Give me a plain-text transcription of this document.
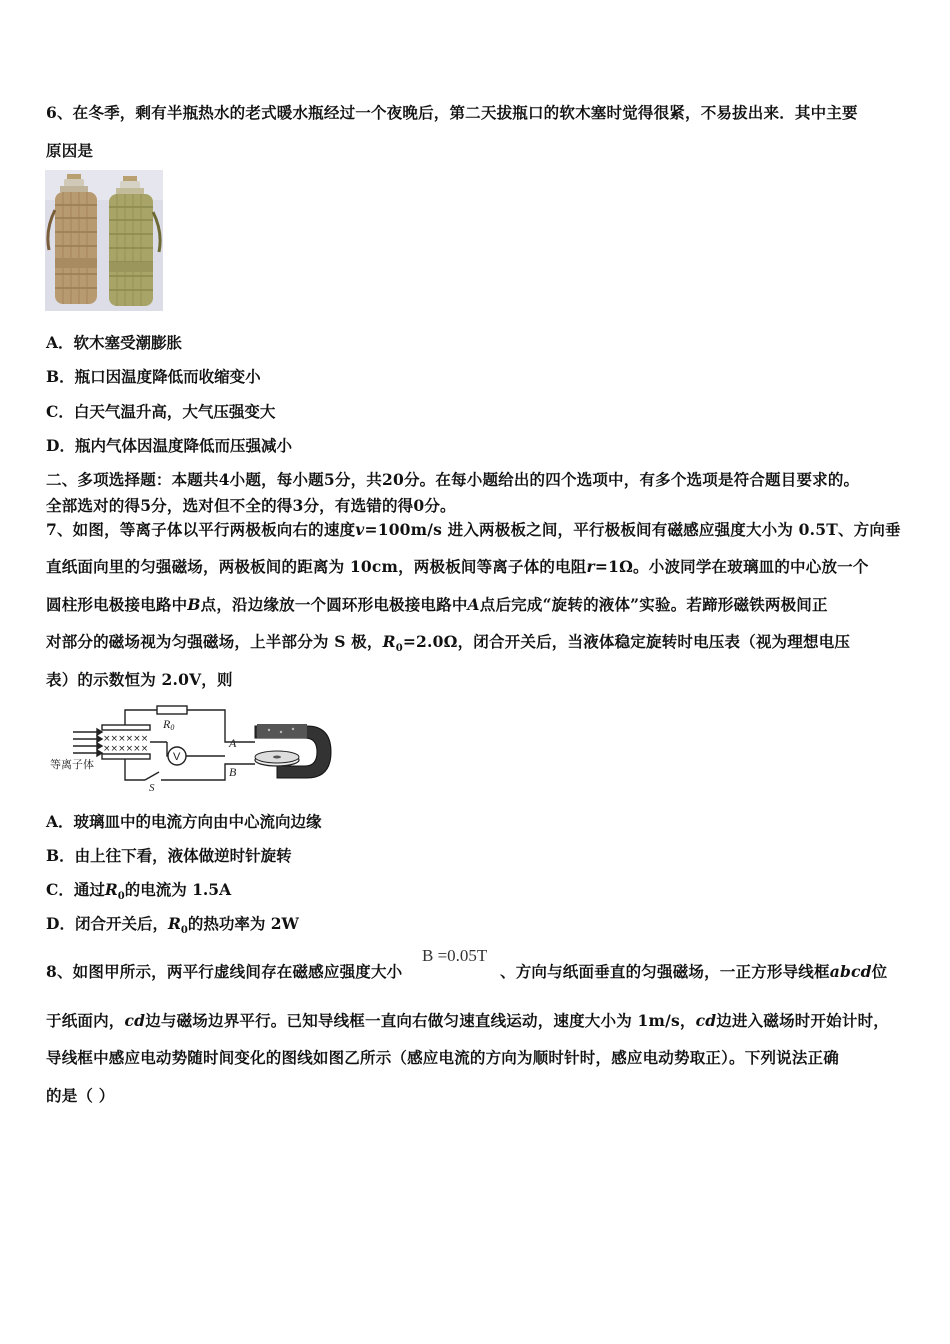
6、在冬季，剩有半瓶热水的老式暖水瓶经过一个夜晚后，第二天拔瓶口的软木塞时觉得很紧，不易拔出来．其中主要
原因是
A．软木塞受潮膨胀
B．瓶口因温度降低而收缩变小
C．白天气温升高，大气压强变大
D．瓶内气体因温度降低而压强减小
二、多项选择题：本题共4小题，每小题5分，共20分。在每小题给出的四个选项中，有多个选项是符合题目要求的。
全部选对的得5分，选对但不全的得3分，有选错的得0分。
7、如图，等离子体以平行两极板向右的速度v=100m/s 进入两极板之间，平行极板间有磁感应强度大小为 0.5T、方向垂
直纸面向里的匀强磁场，两极板间的距离为 10cm，两极板间等离子体的电阻r=1Ω。小波同学在玻璃皿的中心放一个
圆柱形电极接电路中B点，沿边缘放一个圆环形电极接电路中A点后完成“旋转的液体”实验。若蹄形磁铁两极间正
对部分的磁场视为匀强磁场，上半部分为 S 极，$R_0=2.0\Omega$，闭合开关后，当液体稳定旋转时电压表（视为理想电压
表）的示数恒为 2.0V，则
××××××
××××××
等离子体
R0
V
A
B
S
A．玻璃皿中的电流方向由中心流向边缘
B．由上往下看，液体做逆时针旋转
C．通过$R_0$的电流为 1.5A
D．闭合开关后，$R_0$的热功率为 2W
8、如图甲所示，两平行虚线间存在磁感应强度大小
B =0.05T
、方向与纸面垂直的匀强磁场，一正方形导线框abcd位
于纸面内，cd边与磁场边界平行。已知导线框一直向右做匀速直线运动，速度大小为 1m/s，cd边进入磁场时开始计时，
导线框中感应电动势随时间变化的图线如图乙所示（感应电流的方向为顺时针时，感应电动势取正）。下列说法正确
的是（ ）
